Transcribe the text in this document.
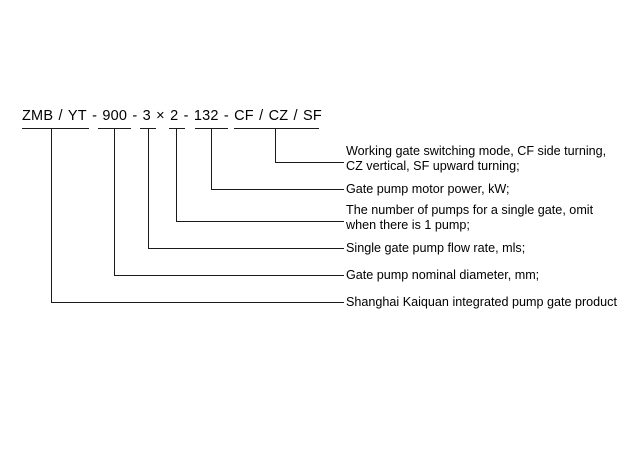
ZMB / YT - 900 - 3 × 2 - 132 - CF / CZ / SF
Working gate switching mode, CF side turning,
CZ vertical, SF upward turning;
Gate pump motor power, kW;
The number of pumps for a single gate, omit
when there is 1 pump;
Single gate pump flow rate, mls;
Gate pump nominal diameter, mm;
Shanghai Kaiquan integrated pump gate product
